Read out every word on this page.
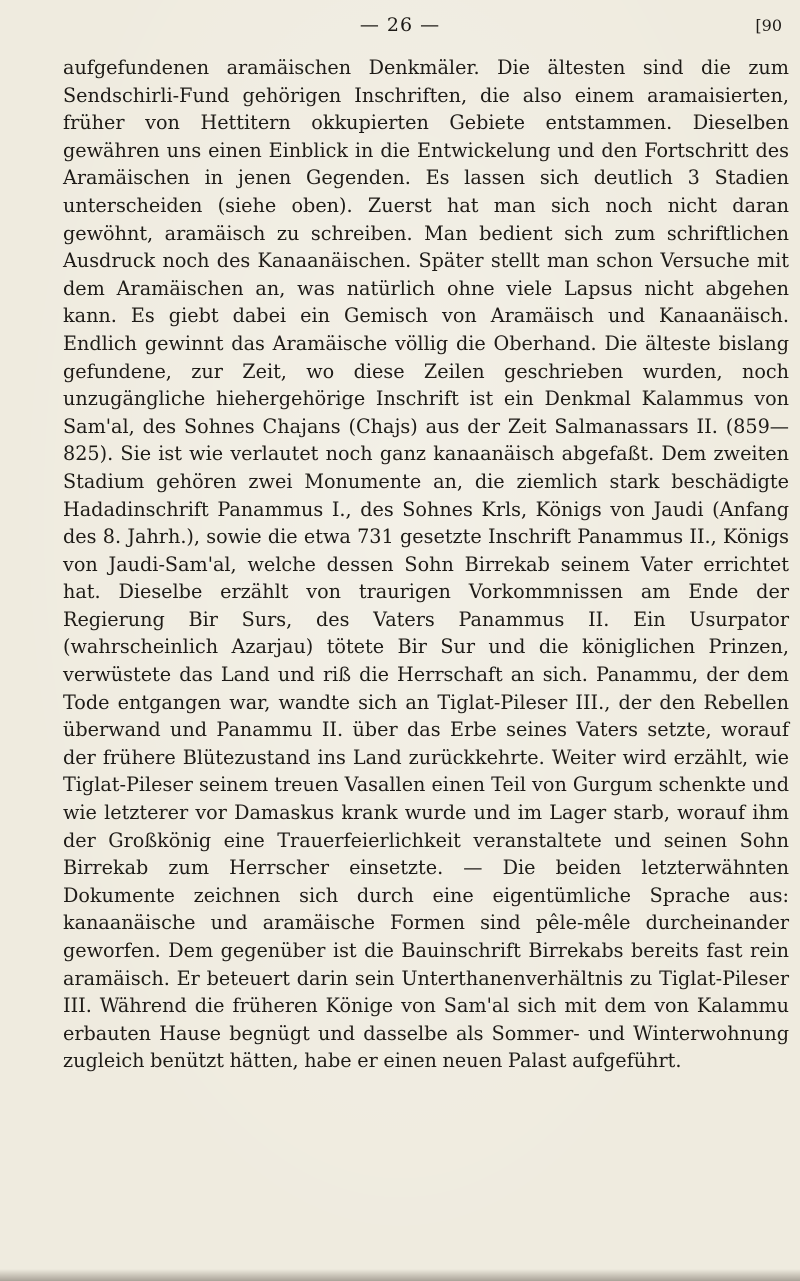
— 26 —	[90

aufgefundenen aramäischen Denkmäler. Die ältesten sind die zum Sendschirli-Fund gehörigen Inschriften, die also einem aramaisierten, früher von Hettitern okkupierten Gebiete entstammen. Dieselben gewähren uns einen Einblick in die Entwickelung und den Fortschritt des Aramäischen in jenen Gegenden. Es lassen sich deutlich 3 Stadien unterscheiden (siehe oben). Zuerst hat man sich noch nicht daran gewöhnt, aramäisch zu schreiben. Man bedient sich zum schriftlichen Ausdruck noch des Kanaanäischen. Später stellt man schon Versuche mit dem Aramäischen an, was natürlich ohne viele Lapsus nicht abgehen kann. Es giebt dabei ein Gemisch von Aramäisch und Kanaanäisch. Endlich gewinnt das Aramäische völlig die Oberhand. Die älteste bislang gefundene, zur Zeit, wo diese Zeilen geschrieben wurden, noch unzugängliche hiehergehörige Inschrift ist ein Denkmal Kalammus von Sam'al, des Sohnes Chajans (Chajs) aus der Zeit Salmanassars II. (859—825). Sie ist wie verlautet noch ganz kanaanäisch abgefaßt. Dem zweiten Stadium gehören zwei Monumente an, die ziemlich stark beschädigte Hadadinschrift Panammus I., des Sohnes Krls, Königs von Jaudi (Anfang des 8. Jahrh.), sowie die etwa 731 gesetzte Inschrift Panammus II., Königs von Jaudi-Sam'al, welche dessen Sohn Birrekab seinem Vater errichtet hat. Dieselbe erzählt von traurigen Vorkommnissen am Ende der Regierung Bir Surs, des Vaters Panammus II. Ein Usurpator (wahrscheinlich Azarjau) tötete Bir Sur und die königlichen Prinzen, verwüstete das Land und riß die Herrschaft an sich. Panammu, der dem Tode entgangen war, wandte sich an Tiglat-Pileser III., der den Rebellen überwand und Panammu II. über das Erbe seines Vaters setzte, worauf der frühere Blütezustand ins Land zurückkehrte. Weiter wird erzählt, wie Tiglat-Pileser seinem treuen Vasallen einen Teil von Gurgum schenkte und wie letzterer vor Damaskus krank wurde und im Lager starb, worauf ihm der Großkönig eine Trauerfeierlichkeit veranstaltete und seinen Sohn Birrekab zum Herrscher einsetzte. — Die beiden letzterwähnten Dokumente zeichnen sich durch eine eigentümliche Sprache aus: kanaanäische und aramäische Formen sind pêle-mêle durcheinander geworfen. Dem gegenüber ist die Bauinschrift Birrekabs bereits fast rein aramäisch. Er beteuert darin sein Unterthanenverhältnis zu Tiglat-Pileser III. Während die früheren Könige von Sam'al sich mit dem von Kalammu erbauten Hause begnügt und dasselbe als Sommer- und Winterwohnung zugleich benützt hätten, habe er einen neuen Palast aufgeführt.
